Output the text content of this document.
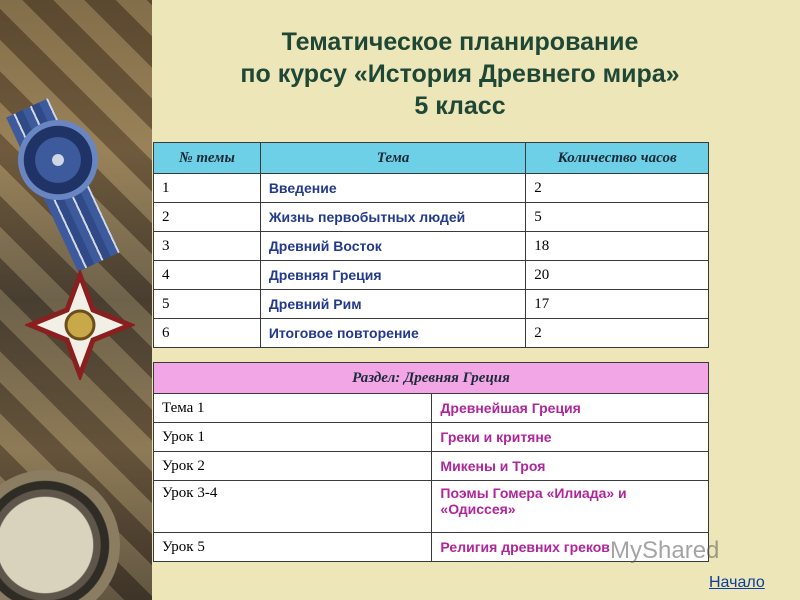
Тематическое планирование
по курсу «История Древнего мира»
5 класс
№ темы	Тема	Количество часов
1	Введение	2
2	Жизнь первобытных людей	5
3	Древний Восток	18
4	Древняя Греция	20
5	Древний Рим	17
6	Итоговое повторение	2
Раздел: Древняя Греция	
Тема 1	Древнейшая Греция
Урок 1	Греки и критяне
Урок 2	Микены и Троя
Урок 3-4	Поэмы Гомера «Илиада» и «Одиссея»
Урок 5	Религия древних греков MyShared
Начало
